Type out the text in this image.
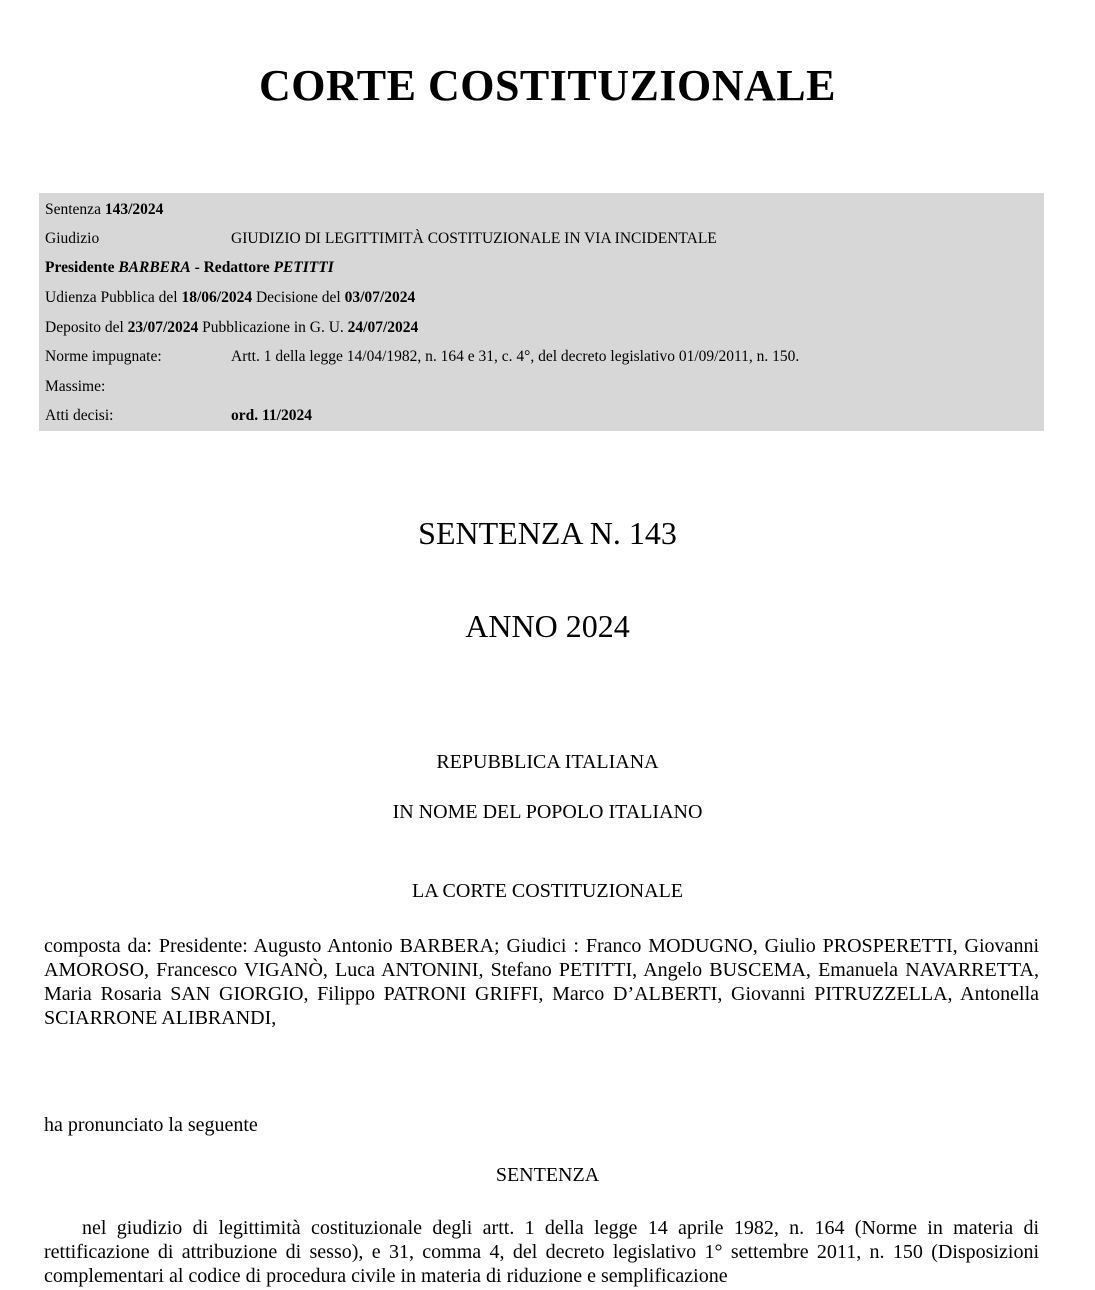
CORTE COSTITUZIONALE
Sentenza 143/2024
Giudizio	GIUDIZIO DI LEGITTIMITÀ COSTITUZIONALE IN VIA INCIDENTALE
Presidente BARBERA - Redattore PETITTI
Udienza Pubblica del 18/06/2024 Decisione del 03/07/2024
Deposito del 23/07/2024 Pubblicazione in G. U. 24/07/2024
Norme impugnate:	Artt. 1 della legge 14/04/1982, n. 164 e 31, c. 4°, del decreto legislativo 01/09/2011, n. 150.
Massime:
Atti decisi:	ord. 11/2024
SENTENZA N. 143
ANNO 2024

REPUBBLICA ITALIANA

IN NOME DEL POPOLO ITALIANO

LA CORTE COSTITUZIONALE

composta da: Presidente: Augusto Antonio BARBERA; Giudici : Franco MODUGNO, Giulio PROSPERETTI, Giovanni AMOROSO, Francesco VIGANÒ, Luca ANTONINI, Stefano PETITTI, Angelo BUSCEMA, Emanuela NAVARRETTA, Maria Rosaria SAN GIORGIO, Filippo PATRONI GRIFFI, Marco D’ALBERTI, Giovanni PITRUZZELLA, Antonella SCIARRONE ALIBRANDI,

ha pronunciato la seguente

SENTENZA

nel giudizio di legittimità costituzionale degli artt. 1 della legge 14 aprile 1982, n. 164 (Norme in materia di rettificazione di attribuzione di sesso), e 31, comma 4, del decreto legislativo 1° settembre 2011, n. 150 (Disposizioni complementari al codice di procedura civile in materia di riduzione e semplificazione
